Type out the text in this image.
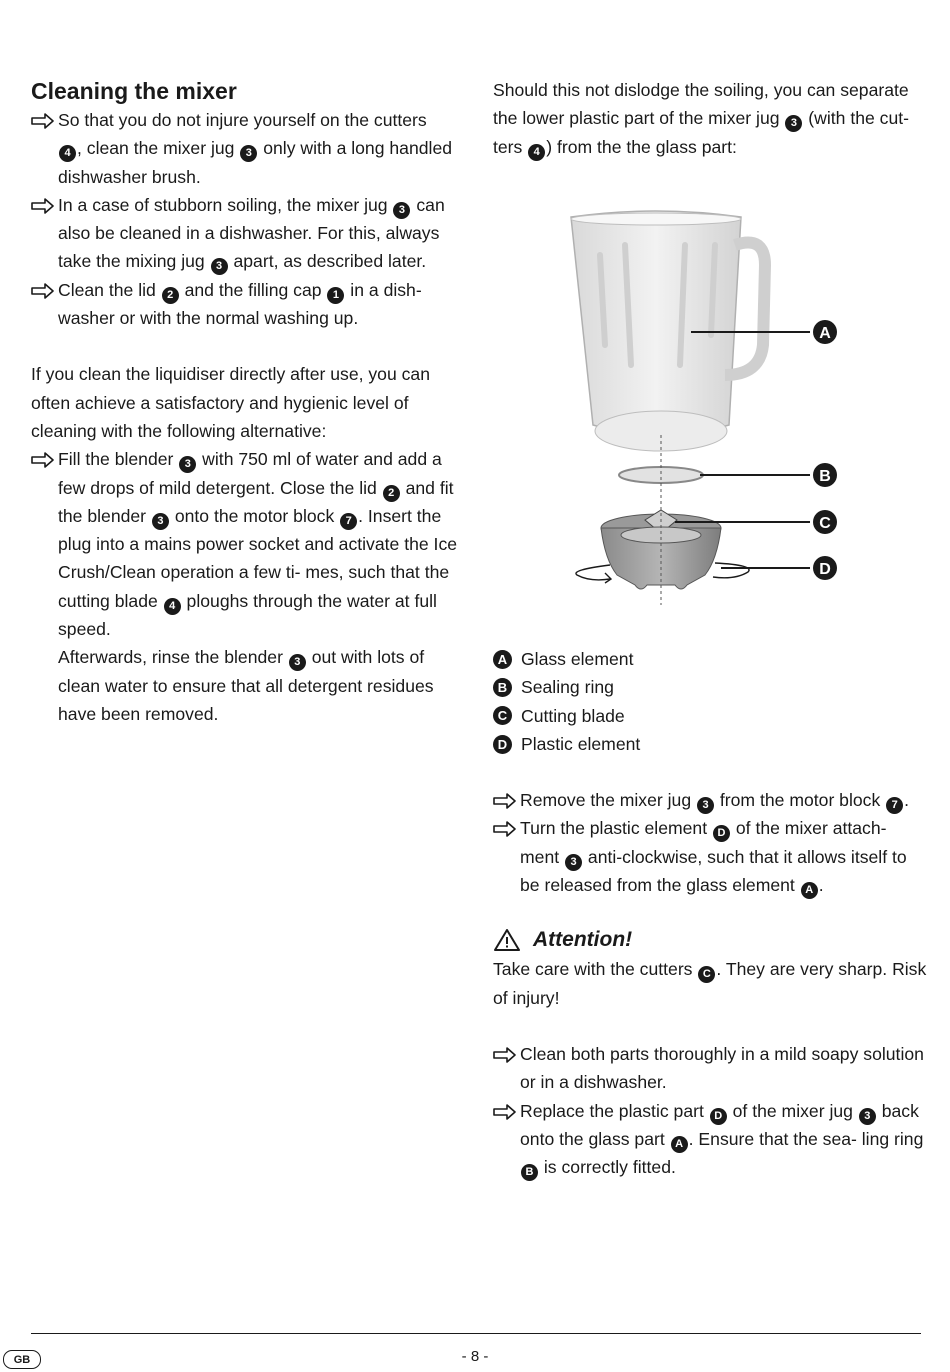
Cleaning the mixer
So that you do not injure yourself on the cutters
4 , clean the mixer jug 3 only with a long handled dishwasher brush.
In a case of stubborn soiling, the mixer jug 3 can also be cleaned in a dishwasher. For this, always take the mixing jug 3 apart, as described later.
Clean the lid 2 and the filling cap 1 in a dish- washer or with the normal washing up.

If you clean the liquidiser directly after use, you can often achieve a satisfactory and hygienic level of cleaning with the following alternative:

Fill the blender 3 with 750 ml of water and add a few drops of mild detergent. Close the lid 2 and fit the blender 3 onto the motor block 7 . Insert the plug into a mains power socket and activate the Ice Crush/Clean operation a few ti- mes, such that the cutting blade 4 ploughs through the water at full speed.
Afterwards, rinse the blender 3 out with lots of clean water to ensure that all detergent residues have been removed.

Should this not dislodge the soiling, you can separate the lower plastic part of the mixer jug 3 (with the cut- ters 4 ) from the the glass part:

A
B
C
D
A Glass element
B Sealing ring
C Cutting blade
D Plastic element
Remove the mixer jug 3 from the motor block 7 .
Turn the plastic element D of the mixer attach- ment 3 anti-clockwise, such that it allows itself to be released from the glass element A .
Attention!

Take care with the cutters C . They are very sharp. Risk of injury!

Clean both parts thoroughly in a mild soapy solution or in a dishwasher.
Replace the plastic part D of the mixer jug 3 back onto the glass part A . Ensure that the sea- ling ring B is correctly fitted.
GB	- 8 -
